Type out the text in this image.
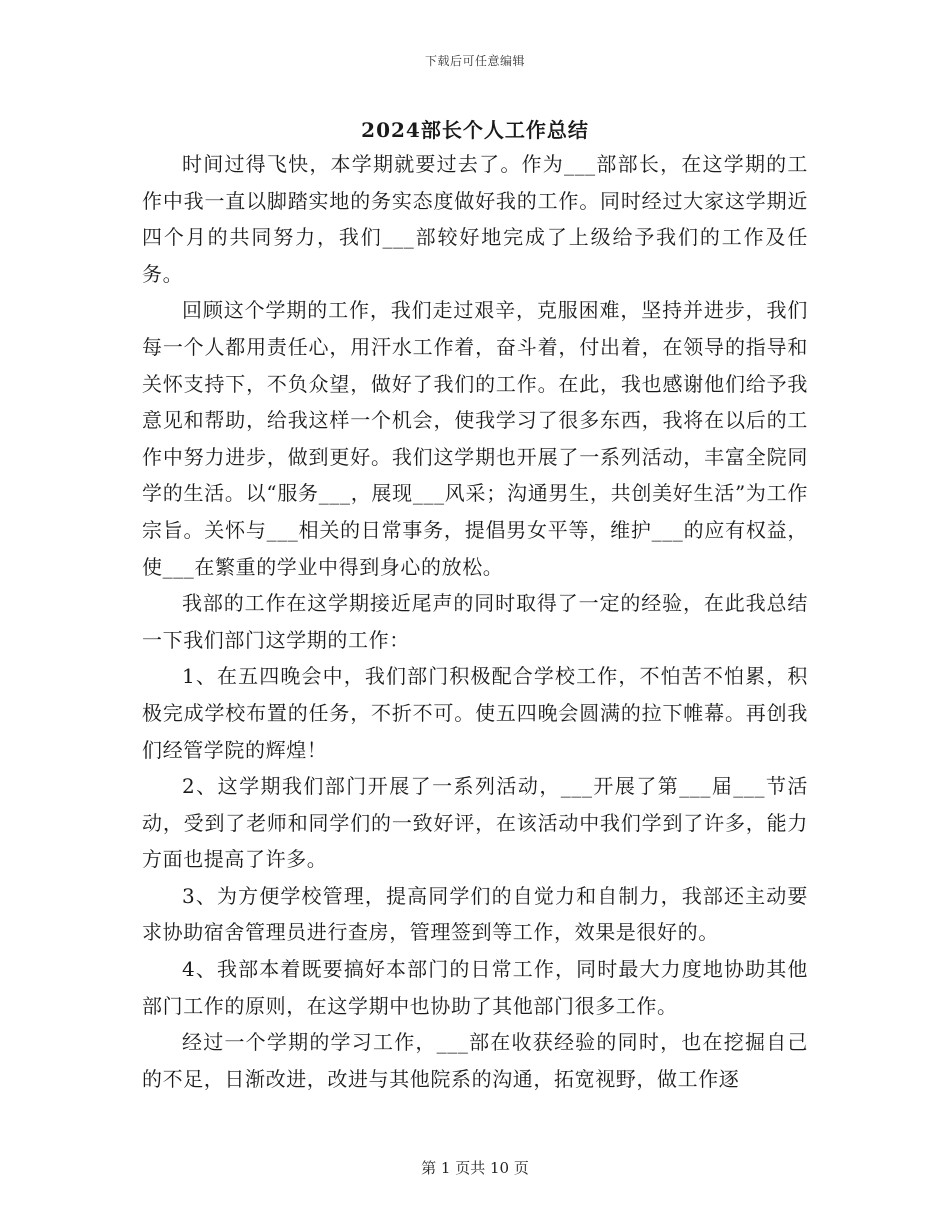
下载后可任意编辑
2024部长个人工作总结

时间过得飞快，本学期就要过去了。作为___部部长，在这学期的工作中我一直以脚踏实地的务实态度做好我的工作。同时经过大家这学期近四个月的共同努力，我们___部较好地完成了上级给予我们的工作及任务。

回顾这个学期的工作，我们走过艰辛，克服困难，坚持并进步，我们每一个人都用责任心，用汗水工作着，奋斗着，付出着，在领导的指导和关怀支持下，不负众望，做好了我们的工作。在此，我也感谢他们给予我意见和帮助，给我这样一个机会，使我学习了很多东西，我将在以后的工作中努力进步，做到更好。我们这学期也开展了一系列活动，丰富全院同学的生活。以“服务___，展现___风采；沟通男生，共创美好生活”为工作宗旨。关怀与___相关的日常事务，提倡男女平等，维护___的应有权益，使___在繁重的学业中得到身心的放松。

我部的工作在这学期接近尾声的同时取得了一定的经验，在此我总结一下我们部门这学期的工作：

1、在五四晚会中，我们部门积极配合学校工作，不怕苦不怕累，积极完成学校布置的任务，不折不可。使五四晚会圆满的拉下帷幕。再创我们经管学院的辉煌！

2、这学期我们部门开展了一系列活动，___开展了第___届___节活动，受到了老师和同学们的一致好评，在该活动中我们学到了许多，能力方面也提高了许多。

3、为方便学校管理，提高同学们的自觉力和自制力，我部还主动要求协助宿舍管理员进行查房，管理签到等工作，效果是很好的。

4、我部本着既要搞好本部门的日常工作，同时最大力度地协助其他部门工作的原则，在这学期中也协助了其他部门很多工作。

经过一个学期的学习工作，___部在收获经验的同时，也在挖掘自己的不足，日渐改进，改进与其他院系的沟通，拓宽视野，做工作逐

第 1 页共 10 页
